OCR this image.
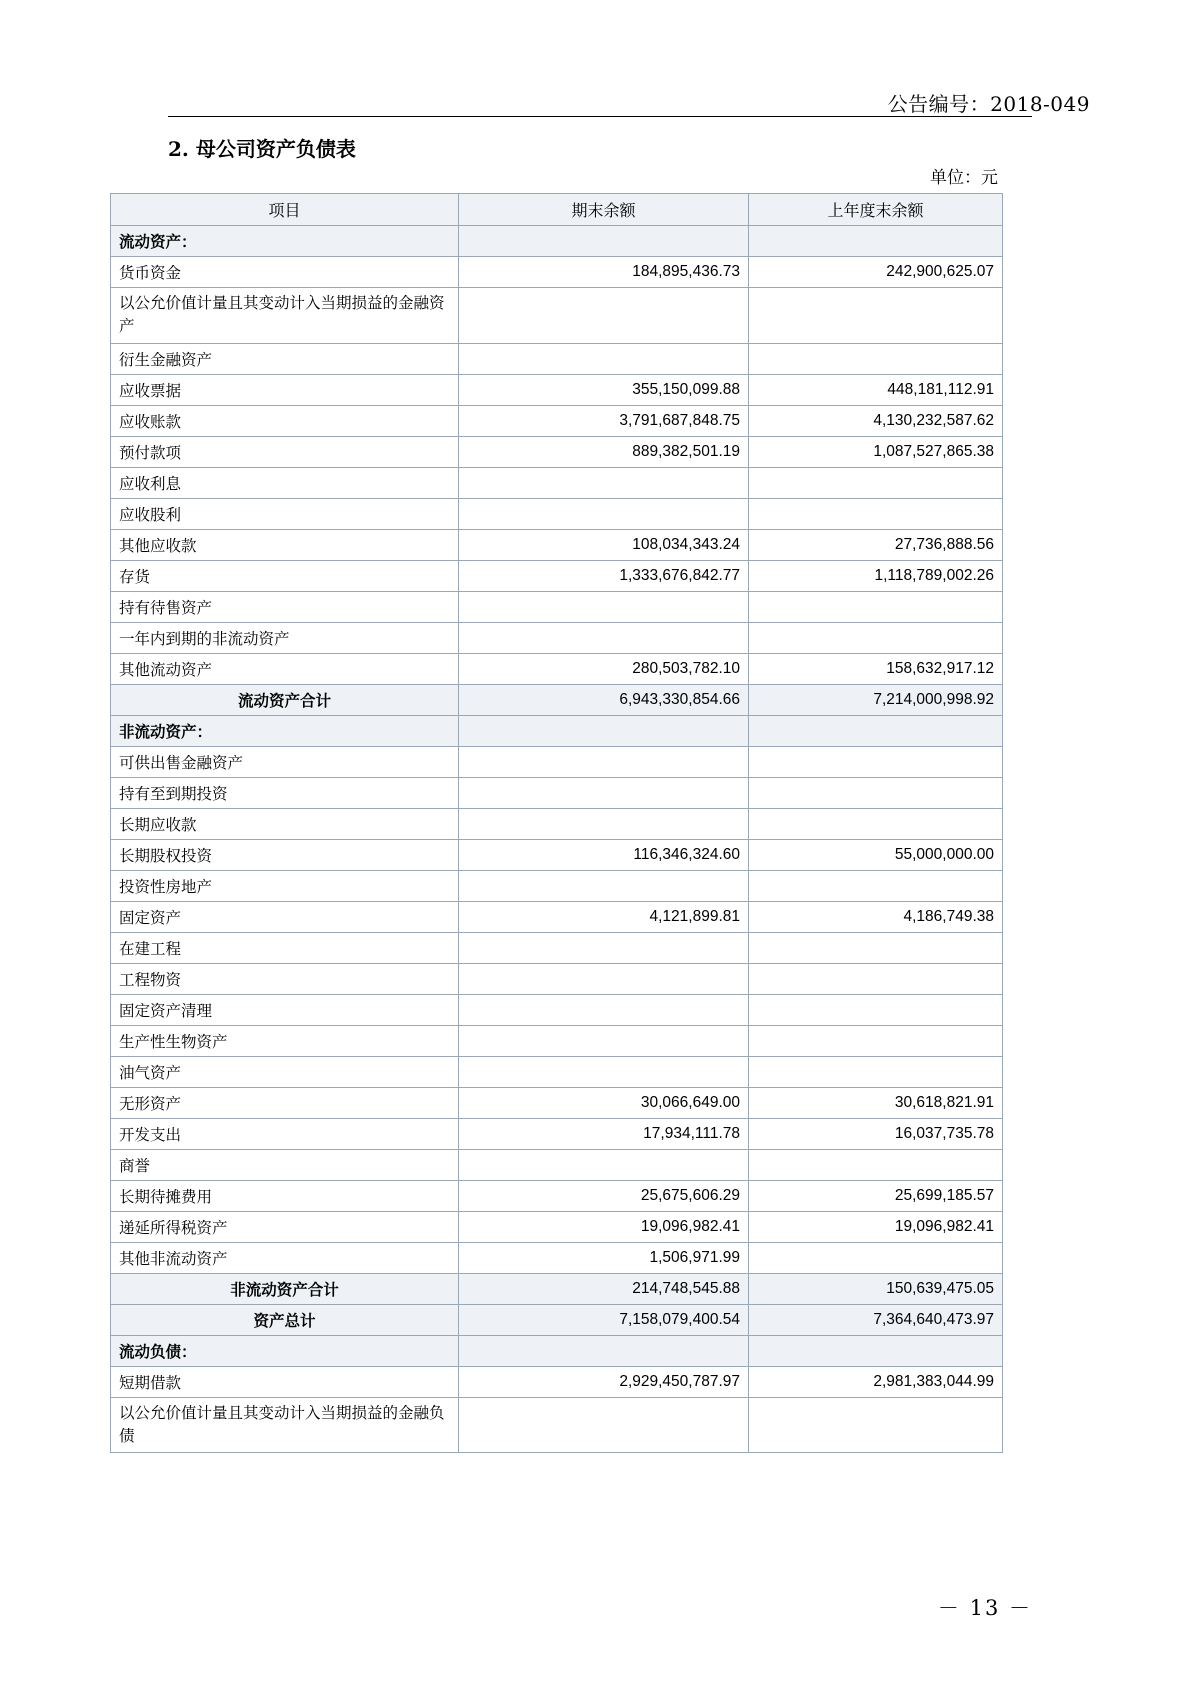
公告编号：2018-049
2. 母公司资产负债表
单位：元
项目	期末余额	上年度末余额
流动资产：		
货币资金	184,895,436.73	242,900,625.07
以公允价值计量且其变动计入当期损益的金融资产		
衍生金融资产		
应收票据	355,150,099.88	448,181,112.91
应收账款	3,791,687,848.75	4,130,232,587.62
预付款项	889,382,501.19	1,087,527,865.38
应收利息		
应收股利		
其他应收款	108,034,343.24	27,736,888.56
存货	1,333,676,842.77	1,118,789,002.26
持有待售资产		
一年内到期的非流动资产		
其他流动资产	280,503,782.10	158,632,917.12
流动资产合计	6,943,330,854.66	7,214,000,998.92
非流动资产：		
可供出售金融资产		
持有至到期投资		
长期应收款		
长期股权投资	116,346,324.60	55,000,000.00
投资性房地产		
固定资产	4,121,899.81	4,186,749.38
在建工程		
工程物资		
固定资产清理		
生产性生物资产		
油气资产		
无形资产	30,066,649.00	30,618,821.91
开发支出	17,934,111.78	16,037,735.78
商誉		
长期待摊费用	25,675,606.29	25,699,185.57
递延所得税资产	19,096,982.41	19,096,982.41
其他非流动资产	1,506,971.99	
非流动资产合计	214,748,545.88	150,639,475.05
资产总计	7,158,079,400.54	7,364,640,473.97
流动负债：		
短期借款	2,929,450,787.97	2,981,383,044.99
以公允价值计量且其变动计入当期损益的金融负债		
－ 13 －
